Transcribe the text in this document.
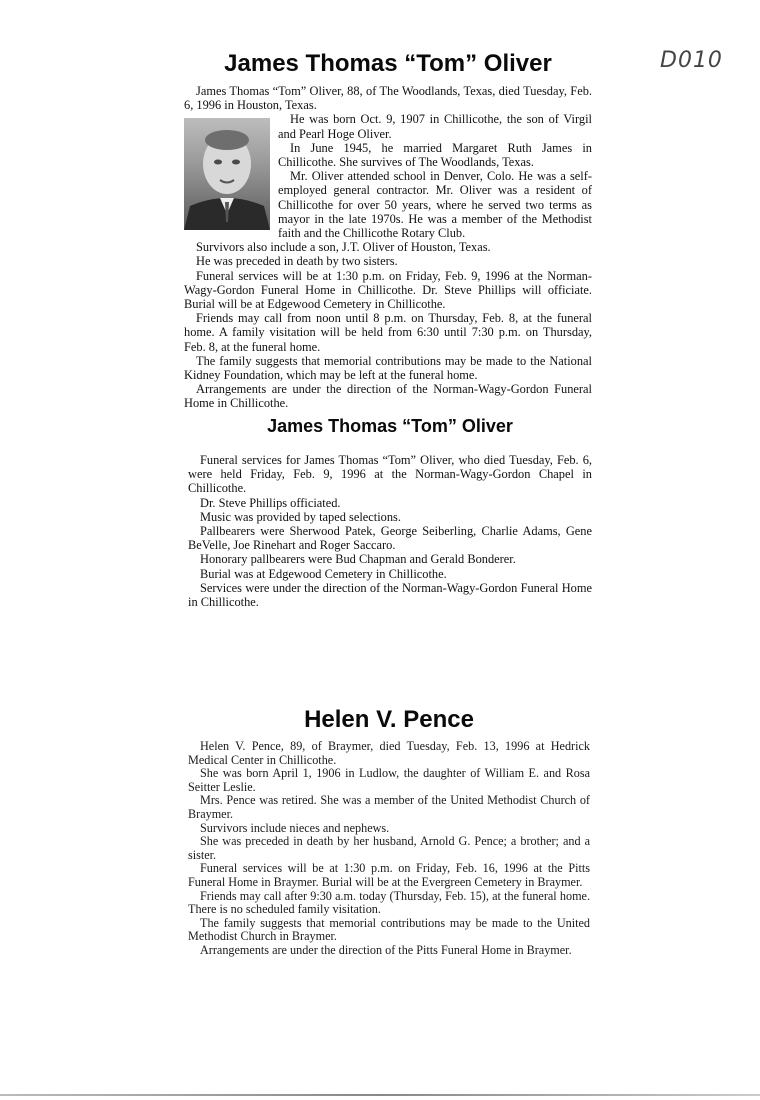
D010
James Thomas “Tom” Oliver

James Thomas “Tom” Oliver, 88, of The Woodlands, Texas, died Tuesday, Feb. 6, 1996 in Houston, Texas.

He was born Oct. 9, 1907 in Chillicothe, the son of Virgil and Pearl Hoge Oliver.

In June 1945, he married Margaret Ruth James in Chillicothe. She survives of The Woodlands, Texas.

Mr. Oliver attended school in Denver, Colo. He was a self-employed general contractor. Mr. Oliver was a resident of Chillicothe for over 50 years, where he served two terms as mayor in the late 1970s. He was a member of the Methodist faith and the Chillicothe Rotary Club.

Survivors also include a son, J.T. Oliver of Houston, Texas.

He was preceded in death by two sisters.

Funeral services will be at 1:30 p.m. on Friday, Feb. 9, 1996 at the Norman-Wagy-Gordon Funeral Home in Chillicothe. Dr. Steve Phillips will officiate. Burial will be at Edgewood Cemetery in Chillicothe.

Friends may call from noon until 8 p.m. on Thursday, Feb. 8, at the funeral home. A family visitation will be held from 6:30 until 7:30 p.m. on Thursday, Feb. 8, at the funeral home.

The family suggests that memorial contributions may be made to the National Kidney Foundation, which may be left at the funeral home.

Arrangements are under the direction of the Norman-Wagy-Gordon Funeral Home in Chillicothe.

James Thomas “Tom” Oliver

Funeral services for James Thomas “Tom” Oliver, who died Tuesday, Feb. 6, were held Friday, Feb. 9, 1996 at the Norman-Wagy-Gordon Chapel in Chillicothe.

Dr. Steve Phillips officiated.

Music was provided by taped selections.

Pallbearers were Sherwood Patek, George Seiberling, Charlie Adams, Gene BeVelle, Joe Rinehart and Roger Saccaro.

Honorary pallbearers were Bud Chapman and Gerald Bonderer.

Burial was at Edgewood Cemetery in Chillicothe.

Services were under the direction of the Norman-Wagy-Gordon Funeral Home in Chillicothe.

Helen V. Pence

Helen V. Pence, 89, of Braymer, died Tuesday, Feb. 13, 1996 at Hedrick Medical Center in Chillicothe.

She was born April 1, 1906 in Ludlow, the daughter of William E. and Rosa Seitter Leslie.

Mrs. Pence was retired. She was a member of the United Methodist Church of Braymer.

Survivors include nieces and nephews.

She was preceded in death by her husband, Arnold G. Pence; a brother; and a sister.

Funeral services will be at 1:30 p.m. on Friday, Feb. 16, 1996 at the Pitts Funeral Home in Braymer. Burial will be at the Evergreen Cemetery in Braymer.

Friends may call after 9:30 a.m. today (Thursday, Feb. 15), at the funeral home. There is no scheduled family visitation.

The family suggests that memorial contributions may be made to the United Methodist Church in Braymer.

Arrangements are under the direction of the Pitts Funeral Home in Braymer.
